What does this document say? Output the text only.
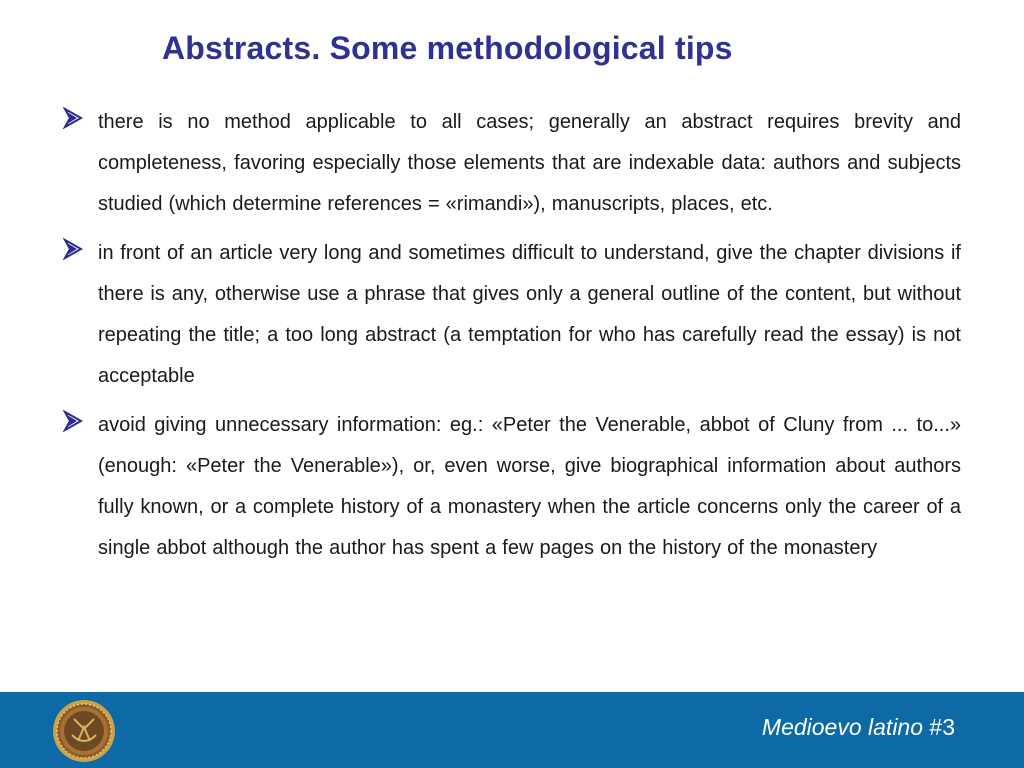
Abstracts. Some methodological tips

there is no method applicable to all cases; generally an abstract requires brevity and completeness, favoring especially those elements that are indexable data: authors and subjects studied (which determine references = «rimandi»), manuscripts, places, etc.

in front of an article very long and sometimes difficult to understand, give the chapter divisions if there is any, otherwise use a phrase that gives only a general outline of the content, but without repeating the title; a too long abstract (a temptation for who has carefully read the essay) is not acceptable

avoid giving unnecessary information: eg.: «Peter the Venerable, abbot of Cluny from ... to...» (enough: «Peter the Venerable»), or, even worse, give biographical information about authors fully known, or a complete history of a monastery when the article concerns only the career of a single abbot although the author has spent a few pages on the history of the monastery

Medioevo latino #3
